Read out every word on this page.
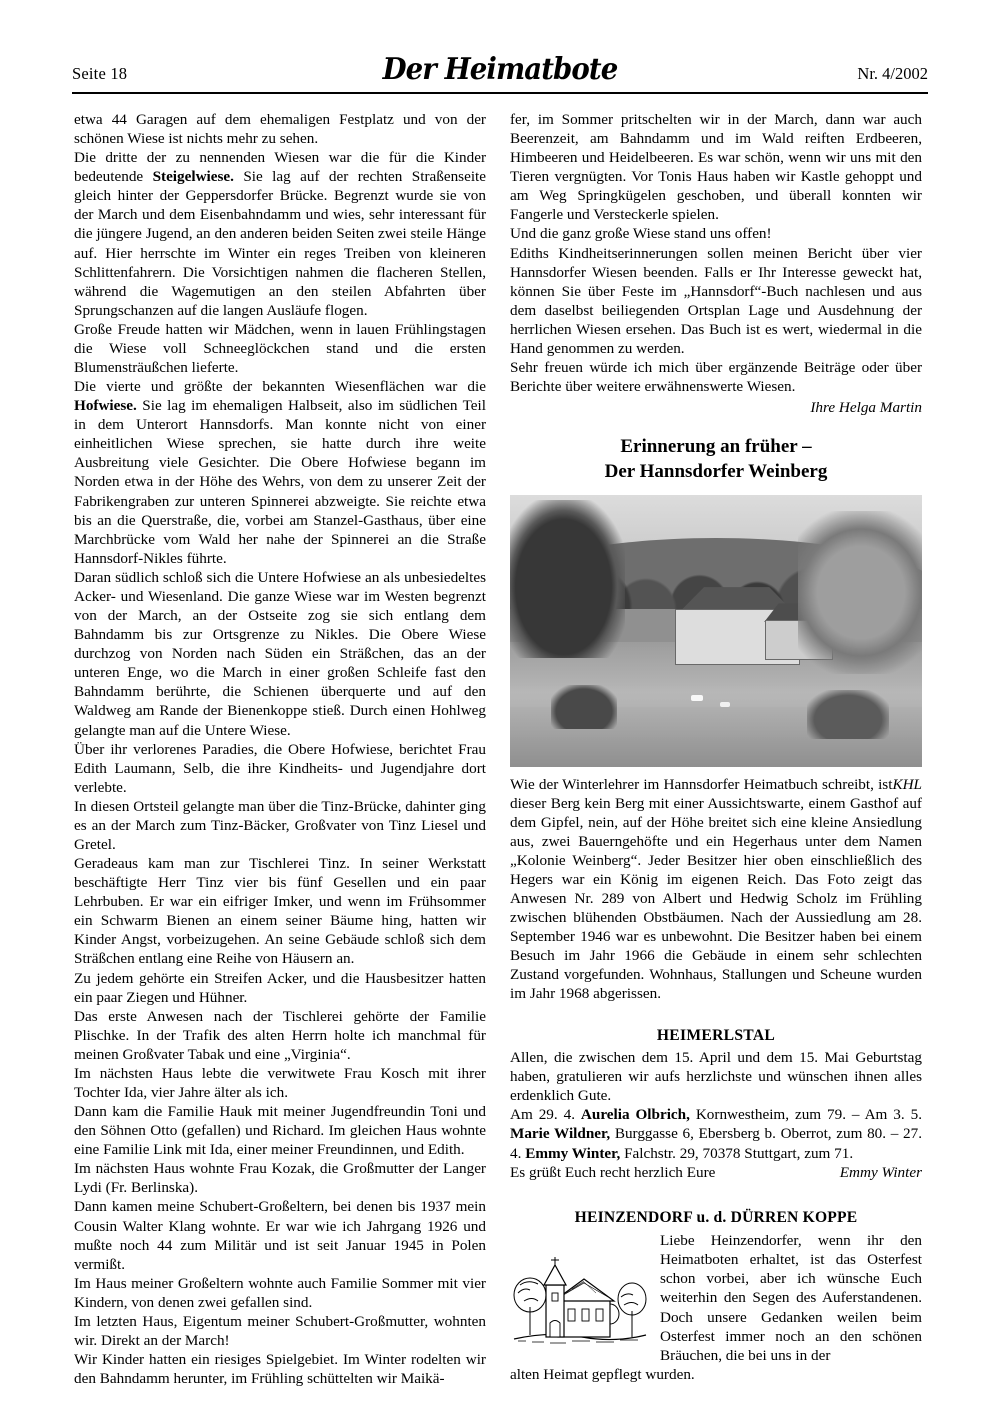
Seite 18	Der Heimatbote	Nr. 4/2002

etwa 44 Garagen auf dem ehemaligen Festplatz und von der schönen Wiese ist nichts mehr zu sehen.

Die dritte der zu nennenden Wiesen war die für die Kinder bedeutende Steigelwiese. Sie lag auf der rechten Straßenseite gleich hinter der Geppersdorfer Brücke. Begrenzt wurde sie von der March und dem Eisenbahndamm und wies, sehr interessant für die jüngere Jugend, an den anderen beiden Seiten zwei steile Hänge auf. Hier herrschte im Winter ein reges Treiben von kleineren Schlittenfahrern. Die Vorsichtigen nahmen die flacheren Stellen, während die Wagemutigen an den steilen Abfahrten über Sprungschanzen auf die langen Ausläufe flogen.

Große Freude hatten wir Mädchen, wenn in lauen Frühlingstagen die Wiese voll Schneeglöckchen stand und die ersten Blumensträußchen lieferte.

Die vierte und größte der bekannten Wiesenflächen war die Hofwiese. Sie lag im ehemaligen Halbseit, also im südlichen Teil in dem Unterort Hannsdorfs. Man konnte nicht von einer einheitlichen Wiese sprechen, sie hatte durch ihre weite Ausbreitung viele Gesichter. Die Obere Hofwiese begann im Norden etwa in der Höhe des Wehrs, von dem zu unserer Zeit der Fabrikengraben zur unteren Spinnerei abzweigte. Sie reichte etwa bis an die Querstraße, die, vorbei am Stanzel-Gasthaus, über eine Marchbrücke vom Wald her nahe der Spinnerei an die Straße Hannsdorf-Nikles führte.

Daran südlich schloß sich die Untere Hofwiese an als unbesiedeltes Acker- und Wiesenland. Die ganze Wiese war im Westen begrenzt von der March, an der Ostseite zog sie sich entlang dem Bahndamm bis zur Ortsgrenze zu Nikles. Die Obere Wiese durchzog von Norden nach Süden ein Sträßchen, das an der unteren Enge, wo die March in einer großen Schleife fast den Bahndamm berührte, die Schienen überquerte und auf den Waldweg am Rande der Bienenkoppe stieß. Durch einen Hohlweg gelangte man auf die Untere Wiese.

Über ihr verlorenes Paradies, die Obere Hofwiese, berichtet Frau Edith Laumann, Selb, die ihre Kindheits- und Jugendjahre dort verlebte.

In diesen Ortsteil gelangte man über die Tinz-Brücke, dahinter ging es an der March zum Tinz-Bäcker, Großvater von Tinz Liesel und Gretel.

Geradeaus kam man zur Tischlerei Tinz. In seiner Werkstatt beschäftigte Herr Tinz vier bis fünf Gesellen und ein paar Lehrbuben. Er war ein eifriger Imker, und wenn im Frühsommer ein Schwarm Bienen an einem seiner Bäume hing, hatten wir Kinder Angst, vorbeizugehen. An seine Gebäude schloß sich dem Sträßchen entlang eine Reihe von Häusern an.

Zu jedem gehörte ein Streifen Acker, und die Hausbesitzer hatten ein paar Ziegen und Hühner.

Das erste Anwesen nach der Tischlerei gehörte der Familie Plischke. In der Trafik des alten Herrn holte ich manchmal für meinen Großvater Tabak und eine „Virginia“.

Im nächsten Haus lebte die verwitwete Frau Kosch mit ihrer Tochter Ida, vier Jahre älter als ich.

Dann kam die Familie Hauk mit meiner Jugendfreundin Toni und den Söhnen Otto (gefallen) und Richard. Im gleichen Haus wohnte eine Familie Link mit Ida, einer meiner Freundinnen, und Edith.

Im nächsten Haus wohnte Frau Kozak, die Großmutter der Langer Lydi (Fr. Berlinska).

Dann kamen meine Schubert-Großeltern, bei denen bis 1937 mein Cousin Walter Klang wohnte. Er war wie ich Jahrgang 1926 und mußte noch 44 zum Militär und ist seit Januar 1945 in Polen vermißt.

Im Haus meiner Großeltern wohnte auch Familie Sommer mit vier Kindern, von denen zwei gefallen sind.

Im letzten Haus, Eigentum meiner Schubert-Großmutter, wohnten wir. Direkt an der March!

Wir Kinder hatten ein riesiges Spielgebiet. Im Winter rodelten wir den Bahndamm herunter, im Frühling schüttelten wir Maikä-

fer, im Sommer pritschelten wir in der March, dann war auch Beerenzeit, am Bahndamm und im Wald reiften Erdbeeren, Himbeeren und Heidelbeeren. Es war schön, wenn wir uns mit den Tieren vergnügten. Vor Tonis Haus haben wir Kastle gehoppt und am Weg Springkügelen geschoben, und überall konnten wir Fangerle und Versteckerle spielen.

Und die ganz große Wiese stand uns offen!

Ediths Kindheitserinnerungen sollen meinen Bericht über vier Hannsdorfer Wiesen beenden. Falls er Ihr Interesse geweckt hat, können Sie über Feste im „Hannsdorf“-Buch nachlesen und aus dem daselbst beiliegenden Ortsplan Lage und Ausdehnung der herrlichen Wiesen ersehen. Das Buch ist es wert, wiedermal in die Hand genommen zu werden.

Sehr freuen würde ich mich über ergänzende Beiträge oder über Berichte über weitere erwähnenswerte Wiesen.

Ihre Helga Martin
Erinnerung an früher –
Der Hannsdorfer Weinberg
KHL
Wie der Winterlehrer im Hannsdorfer Heimatbuch schreibt, ist dieser Berg kein Berg mit einer Aussichtswarte, einem Gasthof auf dem Gipfel, nein, auf der Höhe breitet sich eine kleine Ansiedlung aus, zwei Bauerngehöfte und ein Hegerhaus unter dem Namen „Kolonie Weinberg“. Jeder Besitzer hier oben einschließlich des Hegers war ein König im eigenen Reich. Das Foto zeigt das Anwesen Nr. 289 von Albert und Hedwig Scholz im Frühling zwischen blühenden Obstbäumen. Nach der Aussiedlung am 28. September 1946 war es unbewohnt. Die Besitzer haben bei einem Besuch im Jahr 1966 die Gebäude in einem sehr schlechten Zustand vorgefunden. Wohnhaus, Stallungen und Scheune wurden im Jahr 1968 abgerissen.
HEIMERLSTAL

Allen, die zwischen dem 15. April und dem 15. Mai Geburtstag haben, gratulieren wir aufs herzlichste und wünschen ihnen alles erdenklich Gute.

Am 29. 4. Aurelia Olbrich, Kornwestheim, zum 79. – Am 3. 5. Marie Wildner, Burggasse 6, Ebersberg b. Oberrot, zum 80. – 27. 4. Emmy Winter, Falchstr. 29, 70378 Stuttgart, zum 71.

Es grüßt Euch recht herzlich Eure	Emmy Winter
HEINZENDORF u. d. DÜRREN KOPPE
Liebe Heinzendorfer, wenn ihr den Heimatboten erhaltet, ist das Osterfest schon vorbei, aber ich wünsche Euch weiterhin den Segen des Auferstandenen. Doch unsere Gedanken weilen beim Osterfest immer noch an den schönen Bräuchen, die bei uns in der
alten Heimat gepflegt wurden.
